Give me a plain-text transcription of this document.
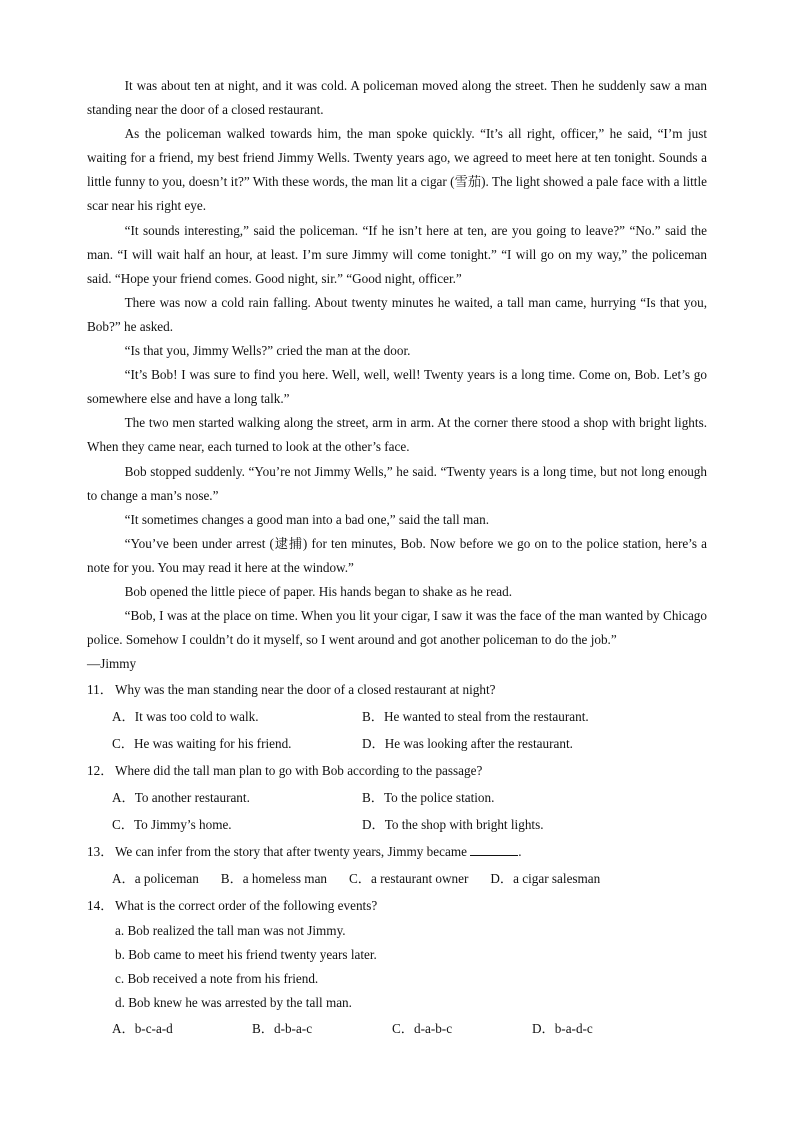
It was about ten at night, and it was cold. A policeman moved along the street. Then he suddenly saw a man standing near the door of a closed restaurant.

As the policeman walked towards him, the man spoke quickly. “It’s all right, officer,” he said, “I’m just waiting for a friend, my best friend Jimmy Wells. Twenty years ago, we agreed to meet here at ten tonight. Sounds a little funny to you, doesn’t it?” With these words, the man lit a cigar (雪茄). The light showed a pale face with a little scar near his right eye.

“It sounds interesting,” said the policeman. “If he isn’t here at ten, are you going to leave?” “No.” said the man. “I will wait half an hour, at least. I’m sure Jimmy will come tonight.” “I will go on my way,” the policeman said. “Hope your friend comes. Good night, sir.” “Good night, officer.”

There was now a cold rain falling. About twenty minutes he waited, a tall man came, hurrying “Is that you, Bob?” he asked.

“Is that you, Jimmy Wells?” cried the man at the door.

“It’s Bob! I was sure to find you here. Well, well, well! Twenty years is a long time. Come on, Bob. Let’s go somewhere else and have a long talk.”

The two men started walking along the street, arm in arm. At the corner there stood a shop with bright lights. When they came near, each turned to look at the other’s face.

Bob stopped suddenly. “You’re not Jimmy Wells,” he said. “Twenty years is a long time, but not long enough to change a man’s nose.”

“It sometimes changes a good man into a bad one,” said the tall man.

“You’ve been under arrest (逮捕) for ten minutes, Bob. Now before we go on to the police station, here’s a note for you. You may read it here at the window.”

Bob opened the little piece of paper. His hands began to shake as he read.

“Bob, I was at the place on time. When you lit your cigar, I saw it was the face of the man wanted by Chicago police. Somehow I couldn’t do it myself, so I went around and got another policeman to do the job.”

—Jimmy

11． Why was the man standing near the door of a closed restaurant at night?

A．It was too cold to walk.	B．He wanted to steal from the restaurant.
C．He was waiting for his friend.	D．He was looking after the restaurant.

12． Where did the tall man plan to go with Bob according to the passage?

A．To another restaurant.	B．To the police station.
C．To Jimmy’s home.	D．To the shop with bright lights.

13． We can infer from the story that after twenty years, Jimmy became	.

A．a policeman B．a homeless man C．a restaurant owner D．a cigar salesman

14． What is the correct order of the following events?

a. Bob realized the tall man was not Jimmy.

b. Bob came to meet his friend twenty years later.

c. Bob received a note from his friend.

d. Bob knew he was arrested by the tall man.

A．b-c-a-d	B．d-b-a-c	C．d-a-b-c	D．b-a-d-c
